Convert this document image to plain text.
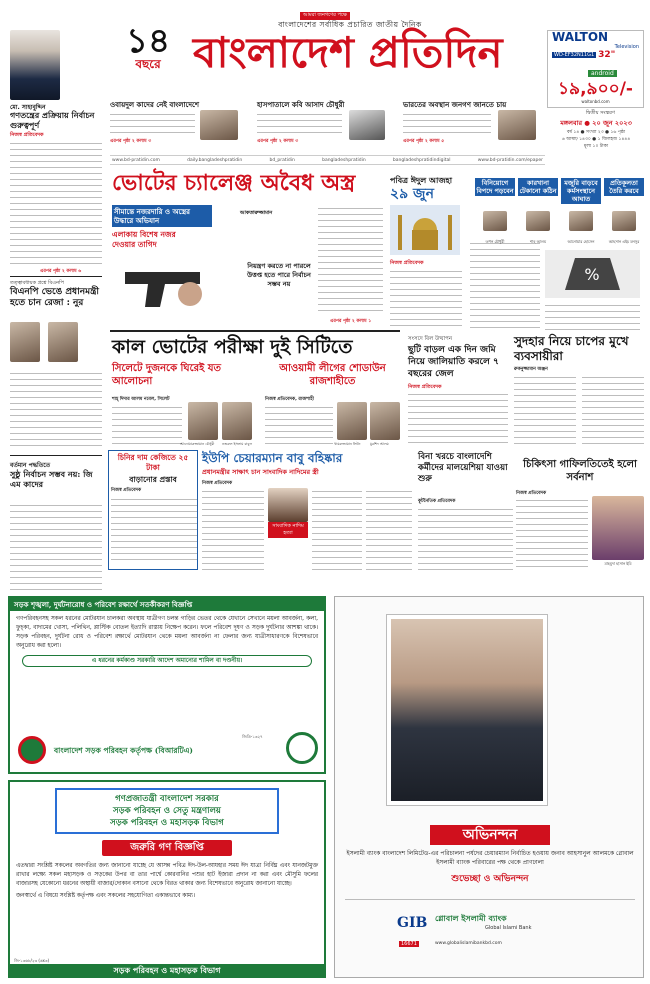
১৪
বছরে
আমরা জনগণের পক্ষে
বাংলাদেশের সর্বাধিক প্রচারিত জাতীয় দৈনিক
বাংলাদেশ প্রতিদিন	WALTON
Television
WD-EF32N11G1 32"
android
১৯,৯০০/-
waltonbd.com
দ্বিতীয় সংস্করণ
মঙ্গলবার ● ২০ জুন ২০২৩
বর্ষ ১৪ ● সংখ্যা ২৩ ● ১৬ পৃষ্ঠা
৬ আষাঢ় ১৪৩০ ● ১ জিলহজ ১৪৪৪
মূল্য ১০ টাকা
মো. সাহাবুদ্দিন
গণতন্ত্রের প্রক্রিয়ায় নির্বাচন গুরুত্বপূর্ণ
নিজস্ব প্রতিবেদক
এরপর পৃষ্ঠা ২ কলাম ৬
তত্ত্বাবধায়ক প্রশ্নে বিএনপি
বিএনপি ভেঙে প্রধানমন্ত্রী হতে চান রেজা : নুর
বর্তমান পদ্ধতিতে
সুষ্ঠু নির্বাচন সম্ভব নয়: জি এম কাদের
ওবায়দুল কাদের নেই বাংলাদেশে
এরপর পৃষ্ঠা ২ কলাম ৩
হাসপাতালে কবি আসাদ চৌধুরী
এরপর পৃষ্ঠা ২ কলাম ৩
ভারতের অবস্থান জনগণ জানতে চায়
এরপর পৃষ্ঠা ২ কলাম ৫
www.bd-pratidin.com	daily.bangladeshpratidin	bd_pratidin	bangladeshpratidin	bangladeshpratidindigital	www.bd-pratidin.com/epaper
ভোটের চ্যালেঞ্জ অবৈধ অস্ত্র
সীমান্তে নজরদারি ও অস্ত্রের উদ্ধারে অভিযান
এলাকায় বিশেষ নজর দেওয়ার তাগিদ
নিয়ন্ত্রণ করতে না পারলে উত্তপ্ত হতে পারে নির্বাচন সম্ভব নয়
আকতারুজ্জামান
এরপর পৃষ্ঠা ২ কলাম ১
পবিত্র ঈদুল আজহা
২৯ জুন
নিজস্ব প্রতিবেদক
বিনিয়োগে বিপদে পড়বেন
কারখানা টেকানো কঠিন
মজুরি বাড়বে কর্মসংস্থানে আঘাত
প্রতিকূলতা তৈরি করবে
তপন চৌধুরী	শাহ আলম	আনোয়ার হোসেন	আহসান এইচ মনসুর
%
কাল ভোটের পরীক্ষা দুই সিটিতে
সিলেটে দুজনকে ঘিরেই যত আলোচনা
আওয়ামী লীগের শোডাউন রাজশাহীতে
শাহ্ দিদার আলম নবেল, সিলেট
আনোয়ারুজ্জামান চৌধুরী নজরুল ইসলাম বাবুল
নিজস্ব প্রতিবেদক, রাজশাহী
খায়রুজ্জামান লিটন	মুরশিদ আলম
সংসদে বিল উত্থাপন
ছুটি বাড়ল এক দিন জমি নিয়ে জালিয়াতি করলে ৭ বছরের জেল
নিজস্ব প্রতিবেদক
সুদহার নিয়ে চাপের মুখে ব্যবসায়ীরা
রুকনুজ্জামান অঞ্জন
চিনির দাম কেজিতে ২৫ টাকা
বাড়ানোর প্রস্তাব
নিজস্ব প্রতিবেদক
ইউপি চেয়ারম্যান বাবু বহিষ্কার
প্রধানমন্ত্রীর সাক্ষাৎ চান সাংবাদিক নাদিমের স্ত্রী
নিজস্ব প্রতিবেদক
সাংবাদিক নাদিম হত্যা
বিনা খরচে বাংলাদেশি কর্মীদের মালয়েশিয়া যাওয়া শুরু
কূটনৈতিক প্রতিবেদক
চিকিৎসা গাফিলতিতেই হলো সর্বনাশ
নিজস্ব প্রতিবেদক
মাহমুদা হাসান ইমি
সড়ক শৃঙ্খলা, দুর্ঘটনারোধ ও পরিবেশ রক্ষার্থে সতর্কীকরণ বিজ্ঞপ্তি
গণপরিবহনসহ সকল ধরনের মোটরযান চালকরা অবস্থায় যাত্রীগণ চলন্ত গাড়ির ভেতর থেকে যেখানে সেখানে ময়লা আবর্জনা, কলা, ফুচ্‌কা, বাদামের খোসা, পলিথিন, প্লাস্টিক বোতল ইত্যাদি রাস্তায় নিক্ষেপ করেন। ফলে পরিবেশ দূষণ ও সড়ক দুর্ঘটনার আশঙ্কা থাকে। সড়ক পরিবহন, দুর্ঘটনা রোধ ও পরিবেশ রক্ষার্থে মোটরযান থেকে ময়লা আবর্জনা না ফেলার জন্য যাত্রীসাধারণকে বিশেষভাবে অনুরোধ করা হলো।
এ ধরনের কর্মকাণ্ড সরকারি আদেশ অমান্যের শামিল বা দণ্ডনীয়।
বাংলাদেশ সড়ক পরিবহন কর্তৃপক্ষ (বিআরটিএ)
জিডি-১৩২৭
গণপ্রজাতন্ত্রী বাংলাদেশ সরকার
সড়ক পরিবহন ও সেতু মন্ত্রণালয়
সড়ক পরিবহন ও মহাসড়ক বিভাগ
জরুরি গণ বিজ্ঞপ্তি
এতদ্বারা সংশ্লিষ্ট সকলের অবগতির জন্য জানানো যাচ্ছে যে আসন্ন পবিত্র ঈদ-উল-আযহার সময় ঈদ যাত্রা নির্বিঘ্ন এবং যানজটমুক্ত রাখার লক্ষ্যে সকল মহাসড়ক ও সড়কের উপর বা তার পার্শ্বে কোরবানির পশুর হাট ইজারা প্রদান না করা এবং মৌসুমি ফলের বাজারসহ যেকোনো ধরনের অস্থায়ী বাজার/দোকান বসানো থেকে বিরত থাকার জন্য বিশেষভাবে অনুরোধ জানানো যাচ্ছে।
জনস্বার্থে এ বিষয়ে সংশ্লিষ্ট কর্তৃপক্ষ এবং সকলের সহযোগিতা একান্তভাবে কাম্য।
জি-১৩৬৮/২৩ (৬x৩)
সড়ক পরিবহন ও মহাসড়ক বিভাগ
অভিনন্দন
ইসলামী ব্যাংক বাংলাদেশ লিমিটেড-এর পরিচালনা পর্ষদের চেয়ারম্যান নির্বাচিত হওয়ায় জনাব আহসানুল আলমকে গ্লোবাল ইসলামী ব্যাংক পরিবারের পক্ষ থেকে প্রাণঢালা
শুভেচ্ছা ও অভিনন্দন
GIB গ্লোবাল ইসলামী ব্যাংক
Global Islami Bank
16671	www.globalislamibankbd.com
